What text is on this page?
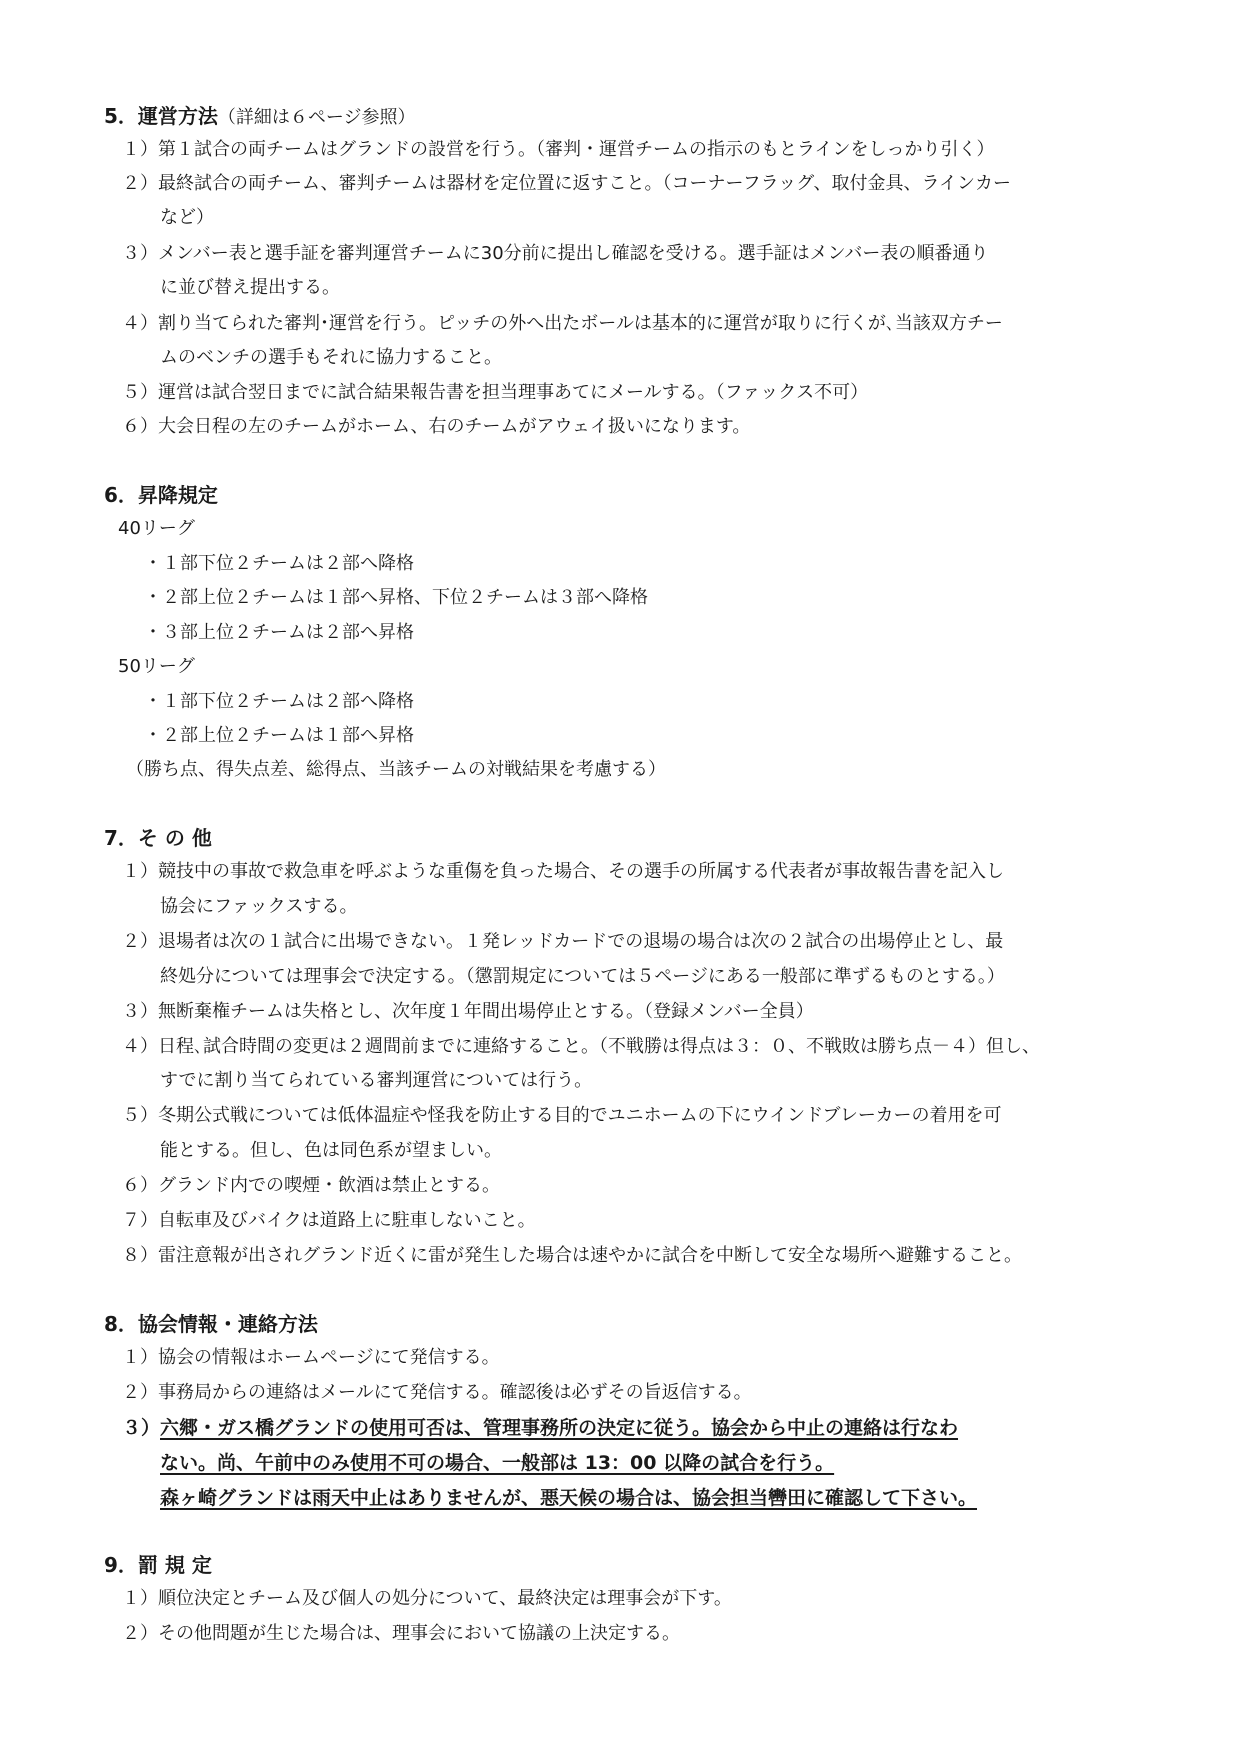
5．運営方法（詳細は６ページ参照）
１）第１試合の両チームはグランドの設営を行う。（審判・運営チームの指示のもとラインをしっかり引く）
２）最終試合の両チーム、審判チームは器材を定位置に返すこと。（コーナーフラッグ、取付金具、ラインカー
など）
３）メンバー表と選手証を審判運営チームに30分前に提出し確認を受ける。選手証はメンバー表の順番通り
に並び替え提出する。
４）割り当てられた審判･運営を行う。ピッチの外へ出たボールは基本的に運営が取りに行くが､当該双方チー
ムのベンチの選手もそれに協力すること。
５）運営は試合翌日までに試合結果報告書を担当理事あてにメールする。（ファックス不可）
６）大会日程の左のチームがホーム、右のチームがアウェイ扱いになります。
6．昇降規定
40リーグ
・１部下位２チームは２部へ降格
・２部上位２チームは１部へ昇格、下位２チームは３部へ降格
・３部上位２チームは２部へ昇格
50リーグ
・１部下位２チームは２部へ降格
・２部上位２チームは１部へ昇格
（勝ち点、得失点差、総得点、当該チームの対戦結果を考慮する）
7．そ の 他
１）競技中の事故で救急車を呼ぶような重傷を負った場合、その選手の所属する代表者が事故報告書を記入し
協会にファックスする。
２）退場者は次の１試合に出場できない。１発レッドカードでの退場の場合は次の２試合の出場停止とし、最
終処分については理事会で決定する。（懲罰規定については５ページにある一般部に準ずるものとする。）
３）無断棄権チームは失格とし、次年度１年間出場停止とする。（登録メンバー全員）
４）日程､試合時間の変更は２週間前までに連絡すること。（不戦勝は得点は３：０、不戦敗は勝ち点－４）但し、
すでに割り当てられている審判運営については行う。
５）冬期公式戦については低体温症や怪我を防止する目的でユニホームの下にウインドブレーカーの着用を可
能とする。但し、色は同色系が望ましい。
６）グランド内での喫煙・飲酒は禁止とする。
７）自転車及びバイクは道路上に駐車しないこと。
８）雷注意報が出されグランド近くに雷が発生した場合は速やかに試合を中断して安全な場所へ避難すること。
8．協会情報・連絡方法
１）協会の情報はホームページにて発信する。
２）事務局からの連絡はメールにて発信する。確認後は必ずその旨返信する。
３） 六郷・ガス橋グランドの使用可否は、管理事務所の決定に従う。協会から中止の連絡は行なわ
ない。尚、午前中のみ使用不可の場合、一般部は 13：00 以降の試合を行う。
森ヶ崎グランドは雨天中止はありませんが、悪天候の場合は、協会担当轡田に確認して下さい。
9．罰 規 定
１）順位決定とチーム及び個人の処分について、最終決定は理事会が下す。
２）その他問題が生じた場合は、理事会において協議の上決定する。
